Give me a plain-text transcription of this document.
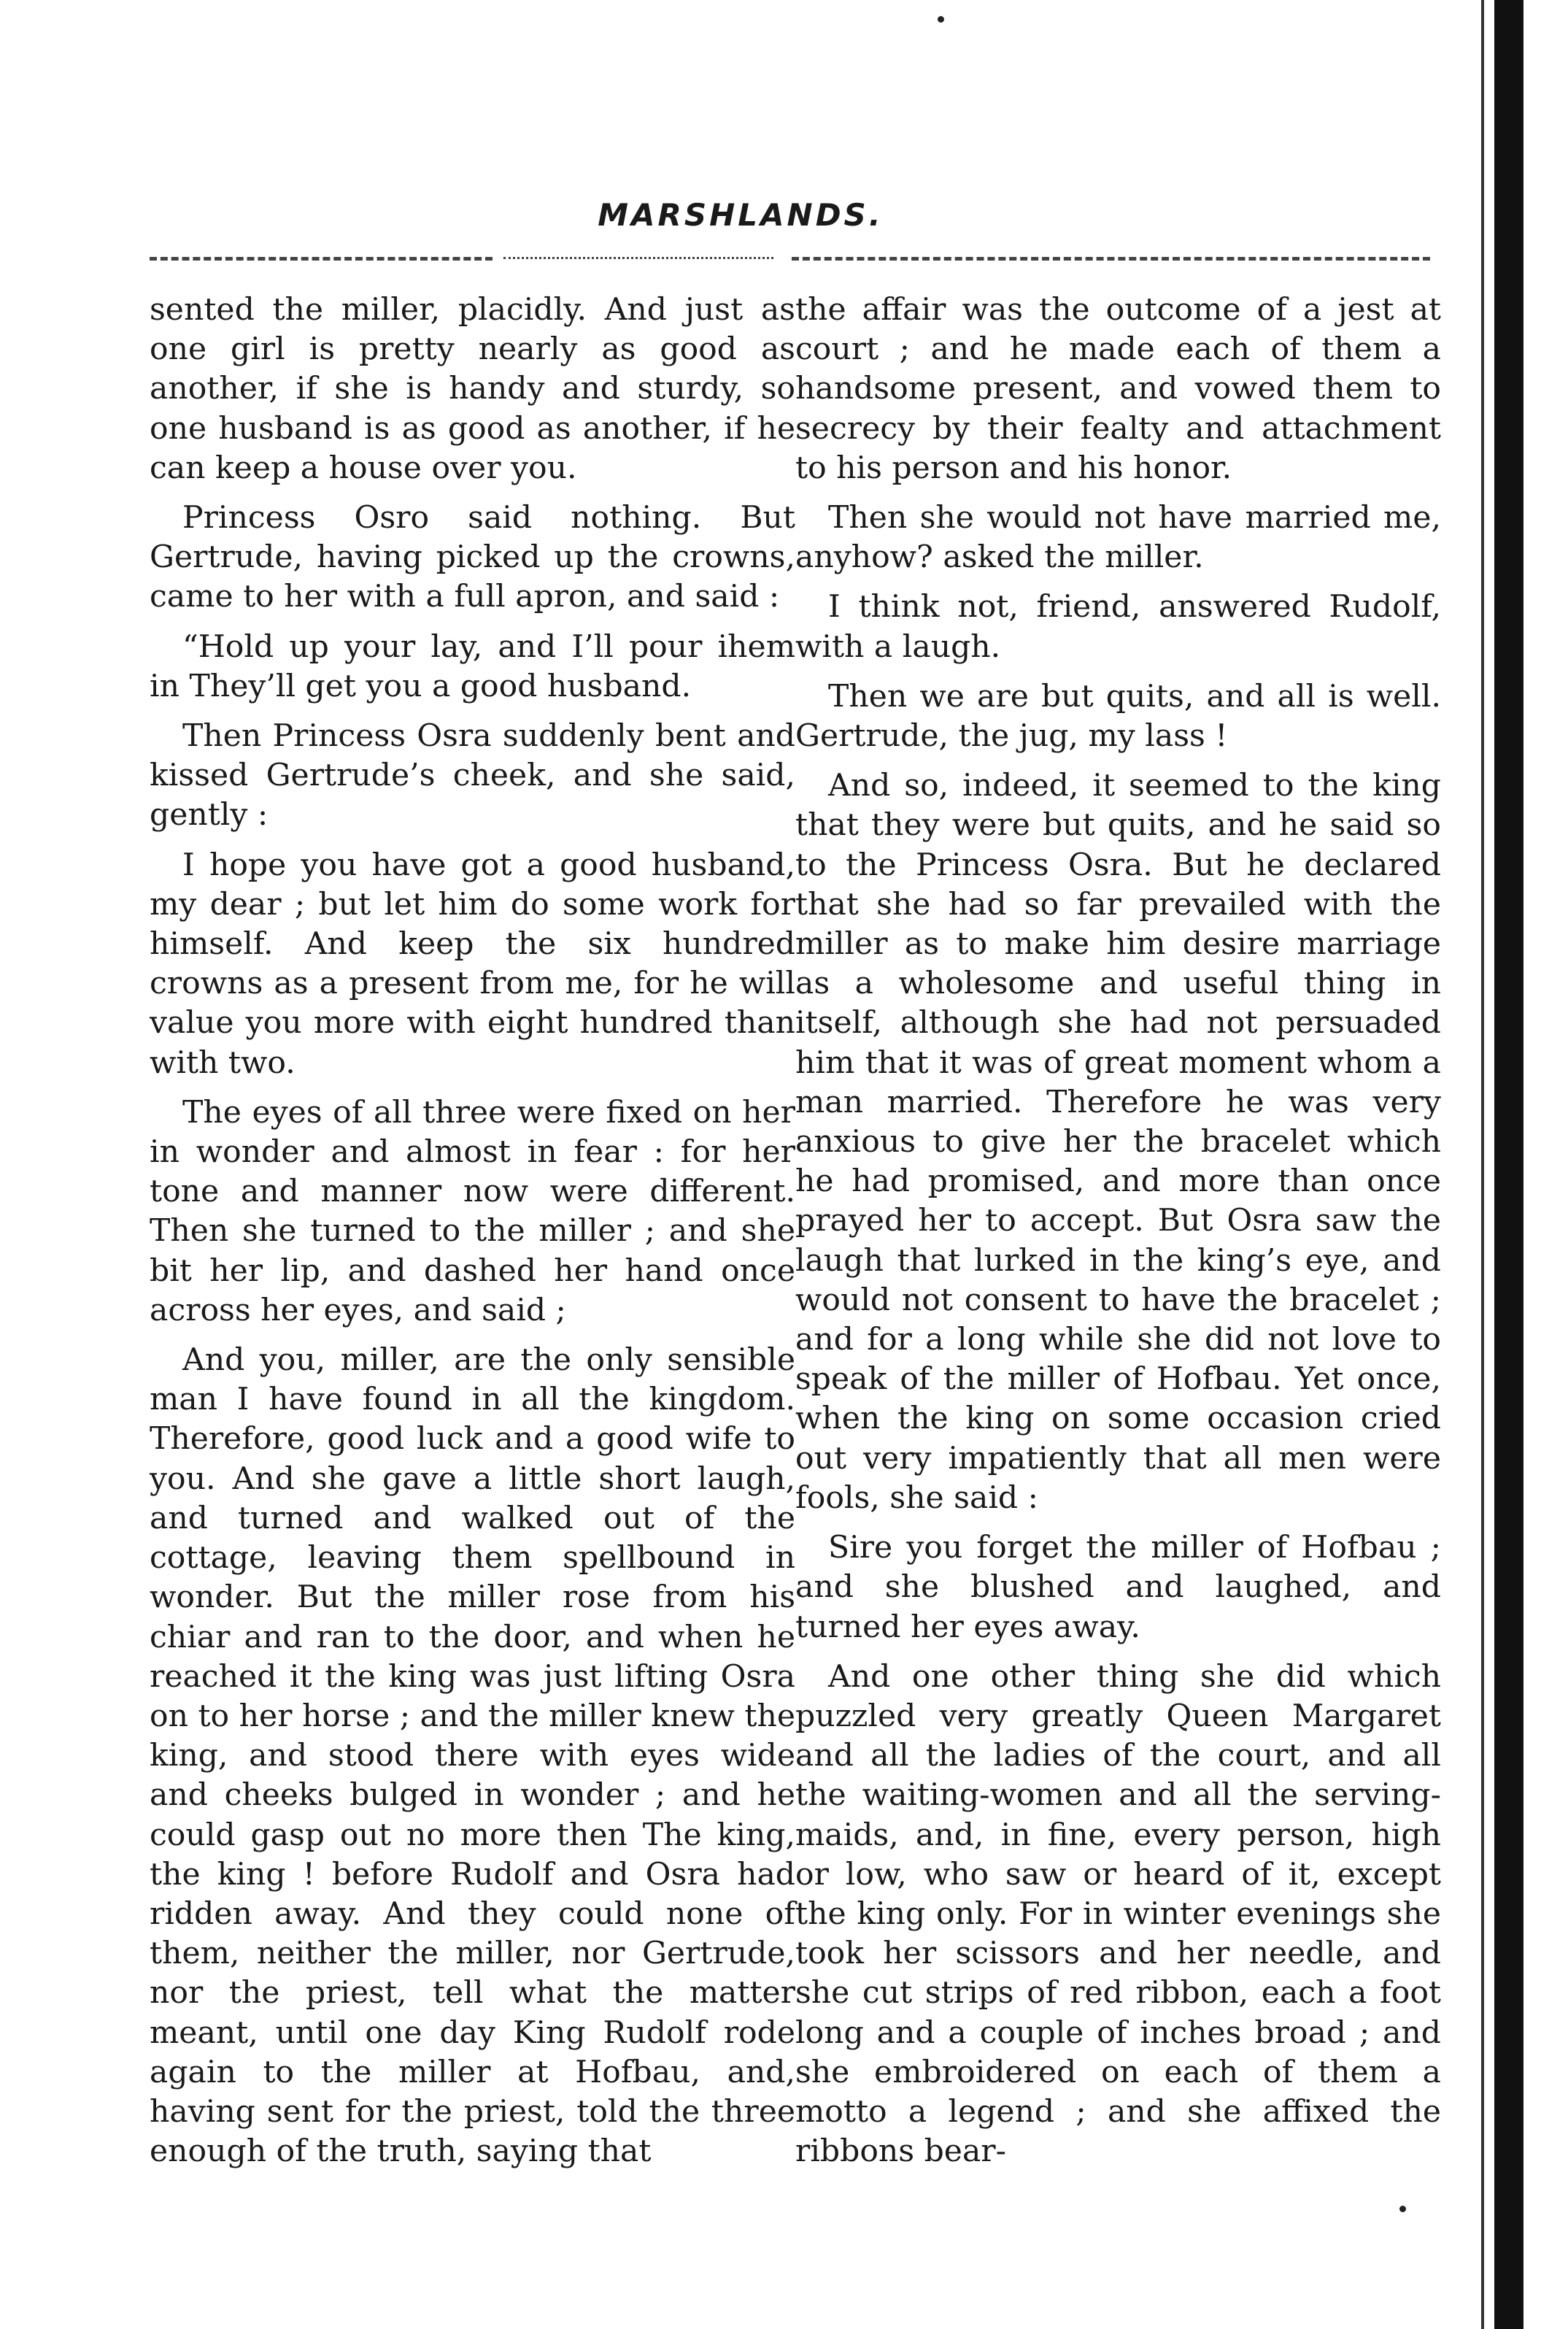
MARSHLANDS.

sented the miller, placidly. And just as one girl is pretty nearly as good as another, if she is handy and sturdy, so one husband is as good as another, if he can keep a house over you.

Princess Osro said nothing. But Gertrude, having picked up the crowns, came to her with a full apron, and said :

“Hold up your lay, and I’ll pour ihem in They’ll get you a good husband.

Then Princess Osra suddenly bent and kissed Gertrude’s cheek, and she said, gently :

I hope you have got a good husband, my dear ; but let him do some work for himself. And keep the six hundred crowns as a present from me, for he will value you more with eight hundred than with two.

The eyes of all three were fixed on her in wonder and almost in fear : for her tone and manner now were different. Then she turned to the miller ; and she bit her lip, and dashed her hand once across her eyes, and said ;

And you, miller, are the only sensible man I have found in all the kingdom. Therefore, good luck and a good wife to you. And she gave a little short laugh, and turned and walked out of the cottage, leaving them spellbound in wonder. But the miller rose from his chiar and ran to the door, and when he reached it the king was just lifting Osra on to her horse ; and the miller knew the king, and stood there with eyes wide and cheeks bulged in wonder ; and he could gasp out no more then The king, the king ! before Rudolf and Osra had ridden away. And they could none of them, neither the miller, nor Gertrude, nor the priest, tell what the matter meant, until one day King Rudolf rode again to the miller at Hofbau, and, having sent for the priest, told the three enough of the truth, saying that

the affair was the outcome of a jest at court ; and he made each of them a handsome present, and vowed them to secrecy by their fealty and attachment to his person and his honor.

Then she would not have married me, anyhow? asked the miller.

I think not, friend, answered Rudolf, with a laugh.

Then we are but quits, and all is well. Gertrude, the jug, my lass !

And so, indeed, it seemed to the king that they were but quits, and he said so to the Princess Osra. But he declared that she had so far prevailed with the miller as to make him desire marriage as a wholesome and useful thing in itself, although she had not persuaded him that it was of great moment whom a man married. Therefore he was very anxious to give her the bracelet which he had promised, and more than once prayed her to accept. But Osra saw the laugh that lurked in the king’s eye, and would not consent to have the bracelet ; and for a long while she did not love to speak of the miller of Hofbau. Yet once, when the king on some occasion cried out very impatiently that all men were fools, she said :

Sire you forget the miller of Hofbau ; and she blushed and laughed, and turned her eyes away.

And one other thing she did which puzzled very greatly Queen Margaret and all the ladies of the court, and all the waiting-women and all the serving-maids, and, in fine, every person, high or low, who saw or heard of it, except the king only. For in winter evenings she took her scissors and her needle, and she cut strips of red ribbon, each a foot long and a couple of inches broad ; and she embroidered on each of them a motto a legend ; and she affixed the ribbons bear-
